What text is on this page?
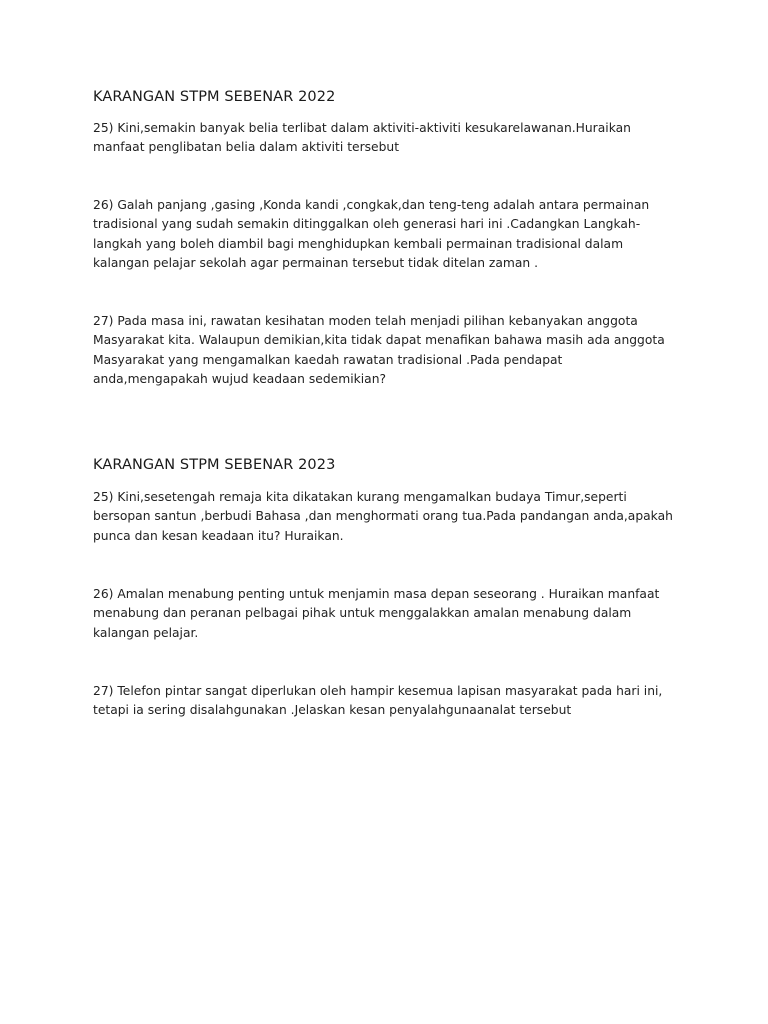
KARANGAN STPM SEBENAR 2022

25) Kini,semakin banyak belia terlibat dalam aktiviti-aktiviti kesukarelawanan.Huraikan
manfaat penglibatan belia dalam aktiviti tersebut

26) Galah panjang ,gasing ,Konda kandi ,congkak,dan teng-teng adalah antara permainan
tradisional yang sudah semakin ditinggalkan oleh generasi hari ini .Cadangkan Langkah-
langkah yang boleh diambil bagi menghidupkan kembali permainan tradisional dalam
kalangan pelajar sekolah agar permainan tersebut tidak ditelan zaman .

27) Pada masa ini, rawatan kesihatan moden telah menjadi pilihan kebanyakan anggota
Masyarakat kita. Walaupun demikian,kita tidak dapat menafikan bahawa masih ada anggota
Masyarakat yang mengamalkan kaedah rawatan tradisional .Pada pendapat
anda,mengapakah wujud keadaan sedemikian?

KARANGAN STPM SEBENAR 2023

25) Kini,sesetengah remaja kita dikatakan kurang mengamalkan budaya Timur,seperti
bersopan santun ,berbudi Bahasa ,dan menghormati orang tua.Pada pandangan anda,apakah
punca dan kesan keadaan itu? Huraikan.

26) Amalan menabung penting untuk menjamin masa depan seseorang . Huraikan manfaat
menabung dan peranan pelbagai pihak untuk menggalakkan amalan menabung dalam
kalangan pelajar.

27) Telefon pintar sangat diperlukan oleh hampir kesemua lapisan masyarakat pada hari ini,
tetapi ia sering disalahgunakan .Jelaskan kesan penyalahgunaanalat tersebut
